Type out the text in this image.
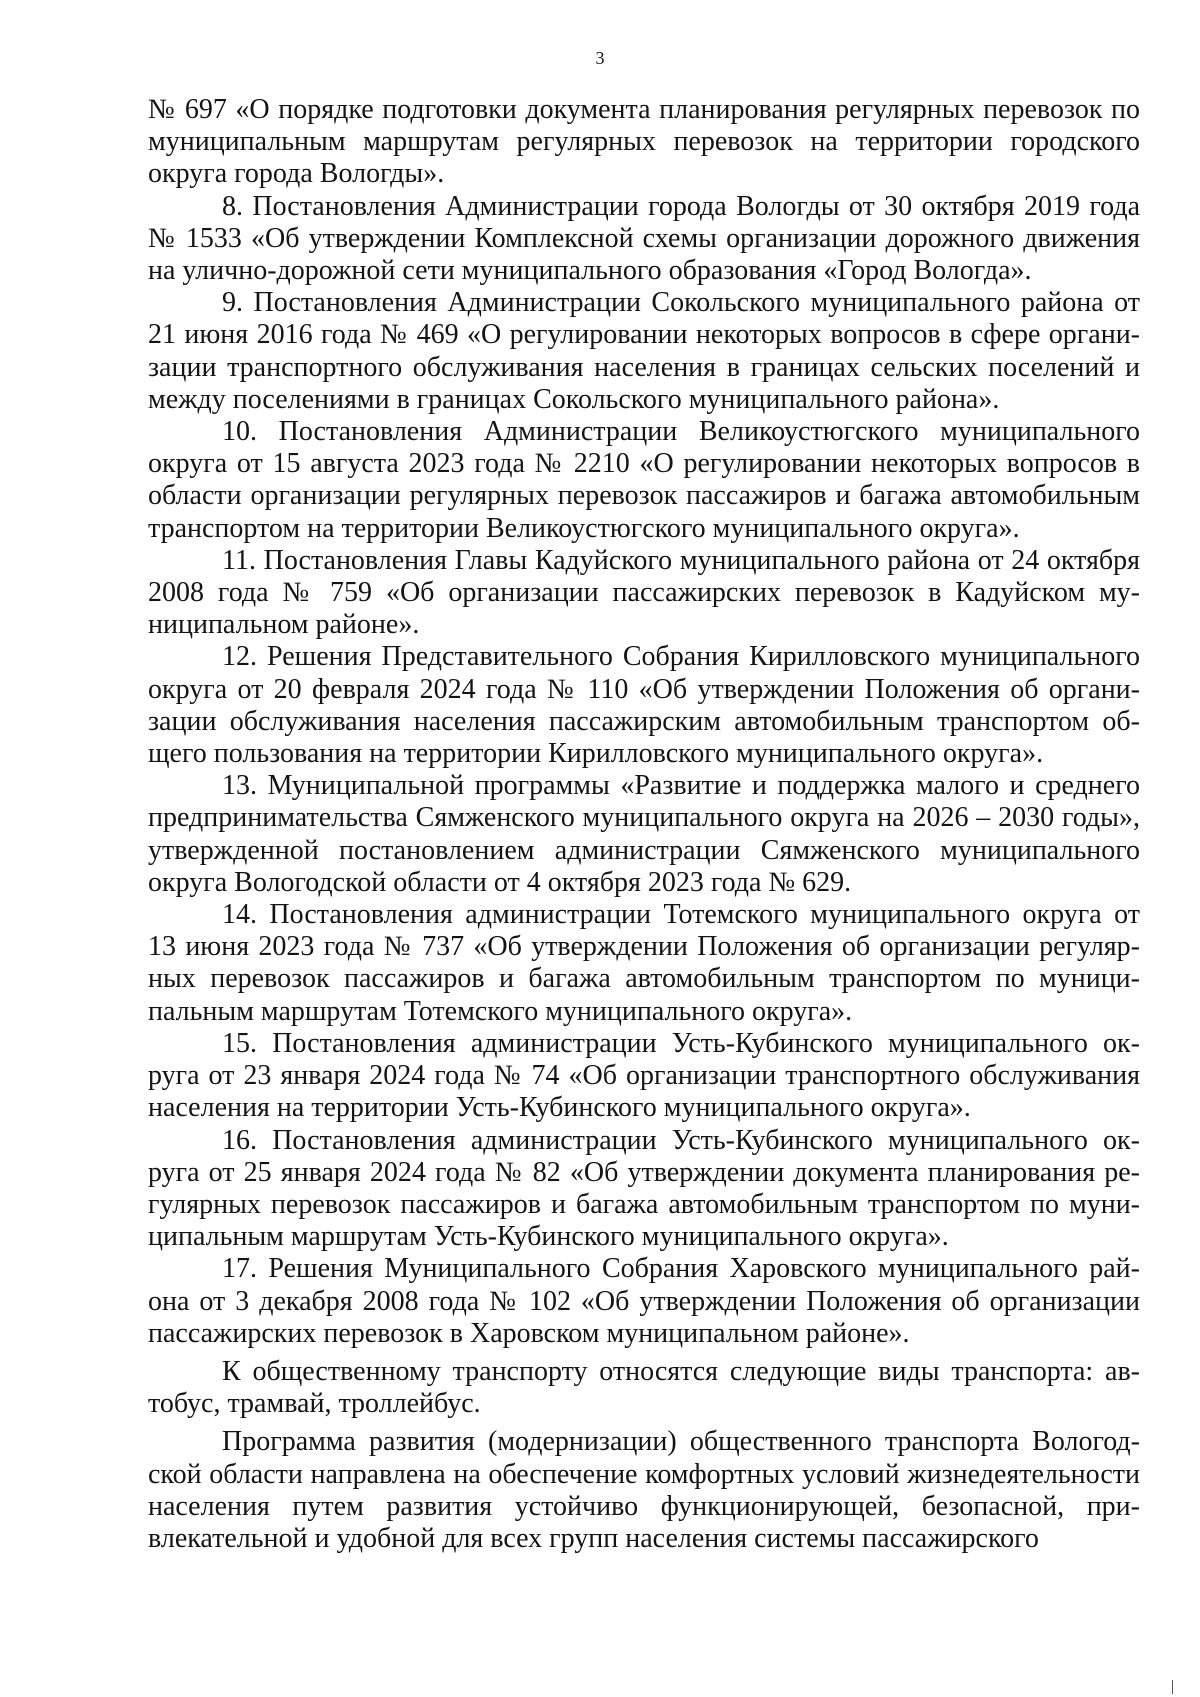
3

№ 697 «О порядке подготовки документа планирования регулярных перевозок по муниципальным маршрутам регулярных перевозок на территории городского округа города Вологды».

8. Постановления Администрации города Вологды от 30 октября 2019 года № 1533 «Об утверждении Комплексной схемы организации дорожного движения на улично-дорожной сети муниципального образования «Город Вологда».

9. Постановления Администрации Сокольского муниципального района от 21 июня 2016 года № 469 «О регулировании некоторых вопросов в сфере организации транспортного обслуживания населения в границах сельских поселений и между поселениями в границах Сокольского муниципального района».

10. Постановления Администрации Великоустюгского муниципального округа от 15 августа 2023 года № 2210 «О регулировании некоторых вопросов в области организации регулярных перевозок пассажиров и багажа автомобильным транспортом на территории Великоустюгского муниципального округа».

11. Постановления Главы Кадуйского муниципального района от 24 октября 2008 года № 759 «Об организации пассажирских перевозок в Кадуйском муниципальном районе».

12. Решения Представительного Собрания Кирилловского муниципального округа от 20 февраля 2024 года № 110 «Об утверждении Положения об организации обслуживания населения пассажирским автомобильным транспортом общего пользования на территории Кирилловского муниципального округа».

13. Муниципальной программы «Развитие и поддержка малого и среднего предпринимательства Сямженского муниципального округа на 2026 – 2030 годы», утвержденной постановлением администрации Сямженского муниципального округа Вологодской области от 4 октября 2023 года № 629.

14. Постановления администрации Тотемского муниципального округа от 13 июня 2023 года № 737 «Об утверждении Положения об организации регулярных перевозок пассажиров и багажа автомобильным транспортом по муниципальным маршрутам Тотемского муниципального округа».

15. Постановления администрации Усть-Кубинского муниципального округа от 23 января 2024 года № 74 «Об организации транспортного обслуживания населения на территории Усть-Кубинского муниципального округа».

16. Постановления администрации Усть-Кубинского муниципального округа от 25 января 2024 года № 82 «Об утверждении документа планирования регулярных перевозок пассажиров и багажа автомобильным транспортом по муниципальным маршрутам Усть-Кубинского муниципального округа».

17. Решения Муниципального Собрания Харовского муниципального района от 3 декабря 2008 года № 102 «Об утверждении Положения об организации пассажирских перевозок в Харовском муниципальном районе».

К общественному транспорту относятся следующие виды транспорта: автобус, трамвай, троллейбус.

Программа развития (модернизации) общественного транспорта Вологодской области направлена на обеспечение комфортных условий жизнедеятельности населения путем развития устойчиво функционирующей, безопасной, привлекательной и удобной для всех групп населения системы пассажирского
